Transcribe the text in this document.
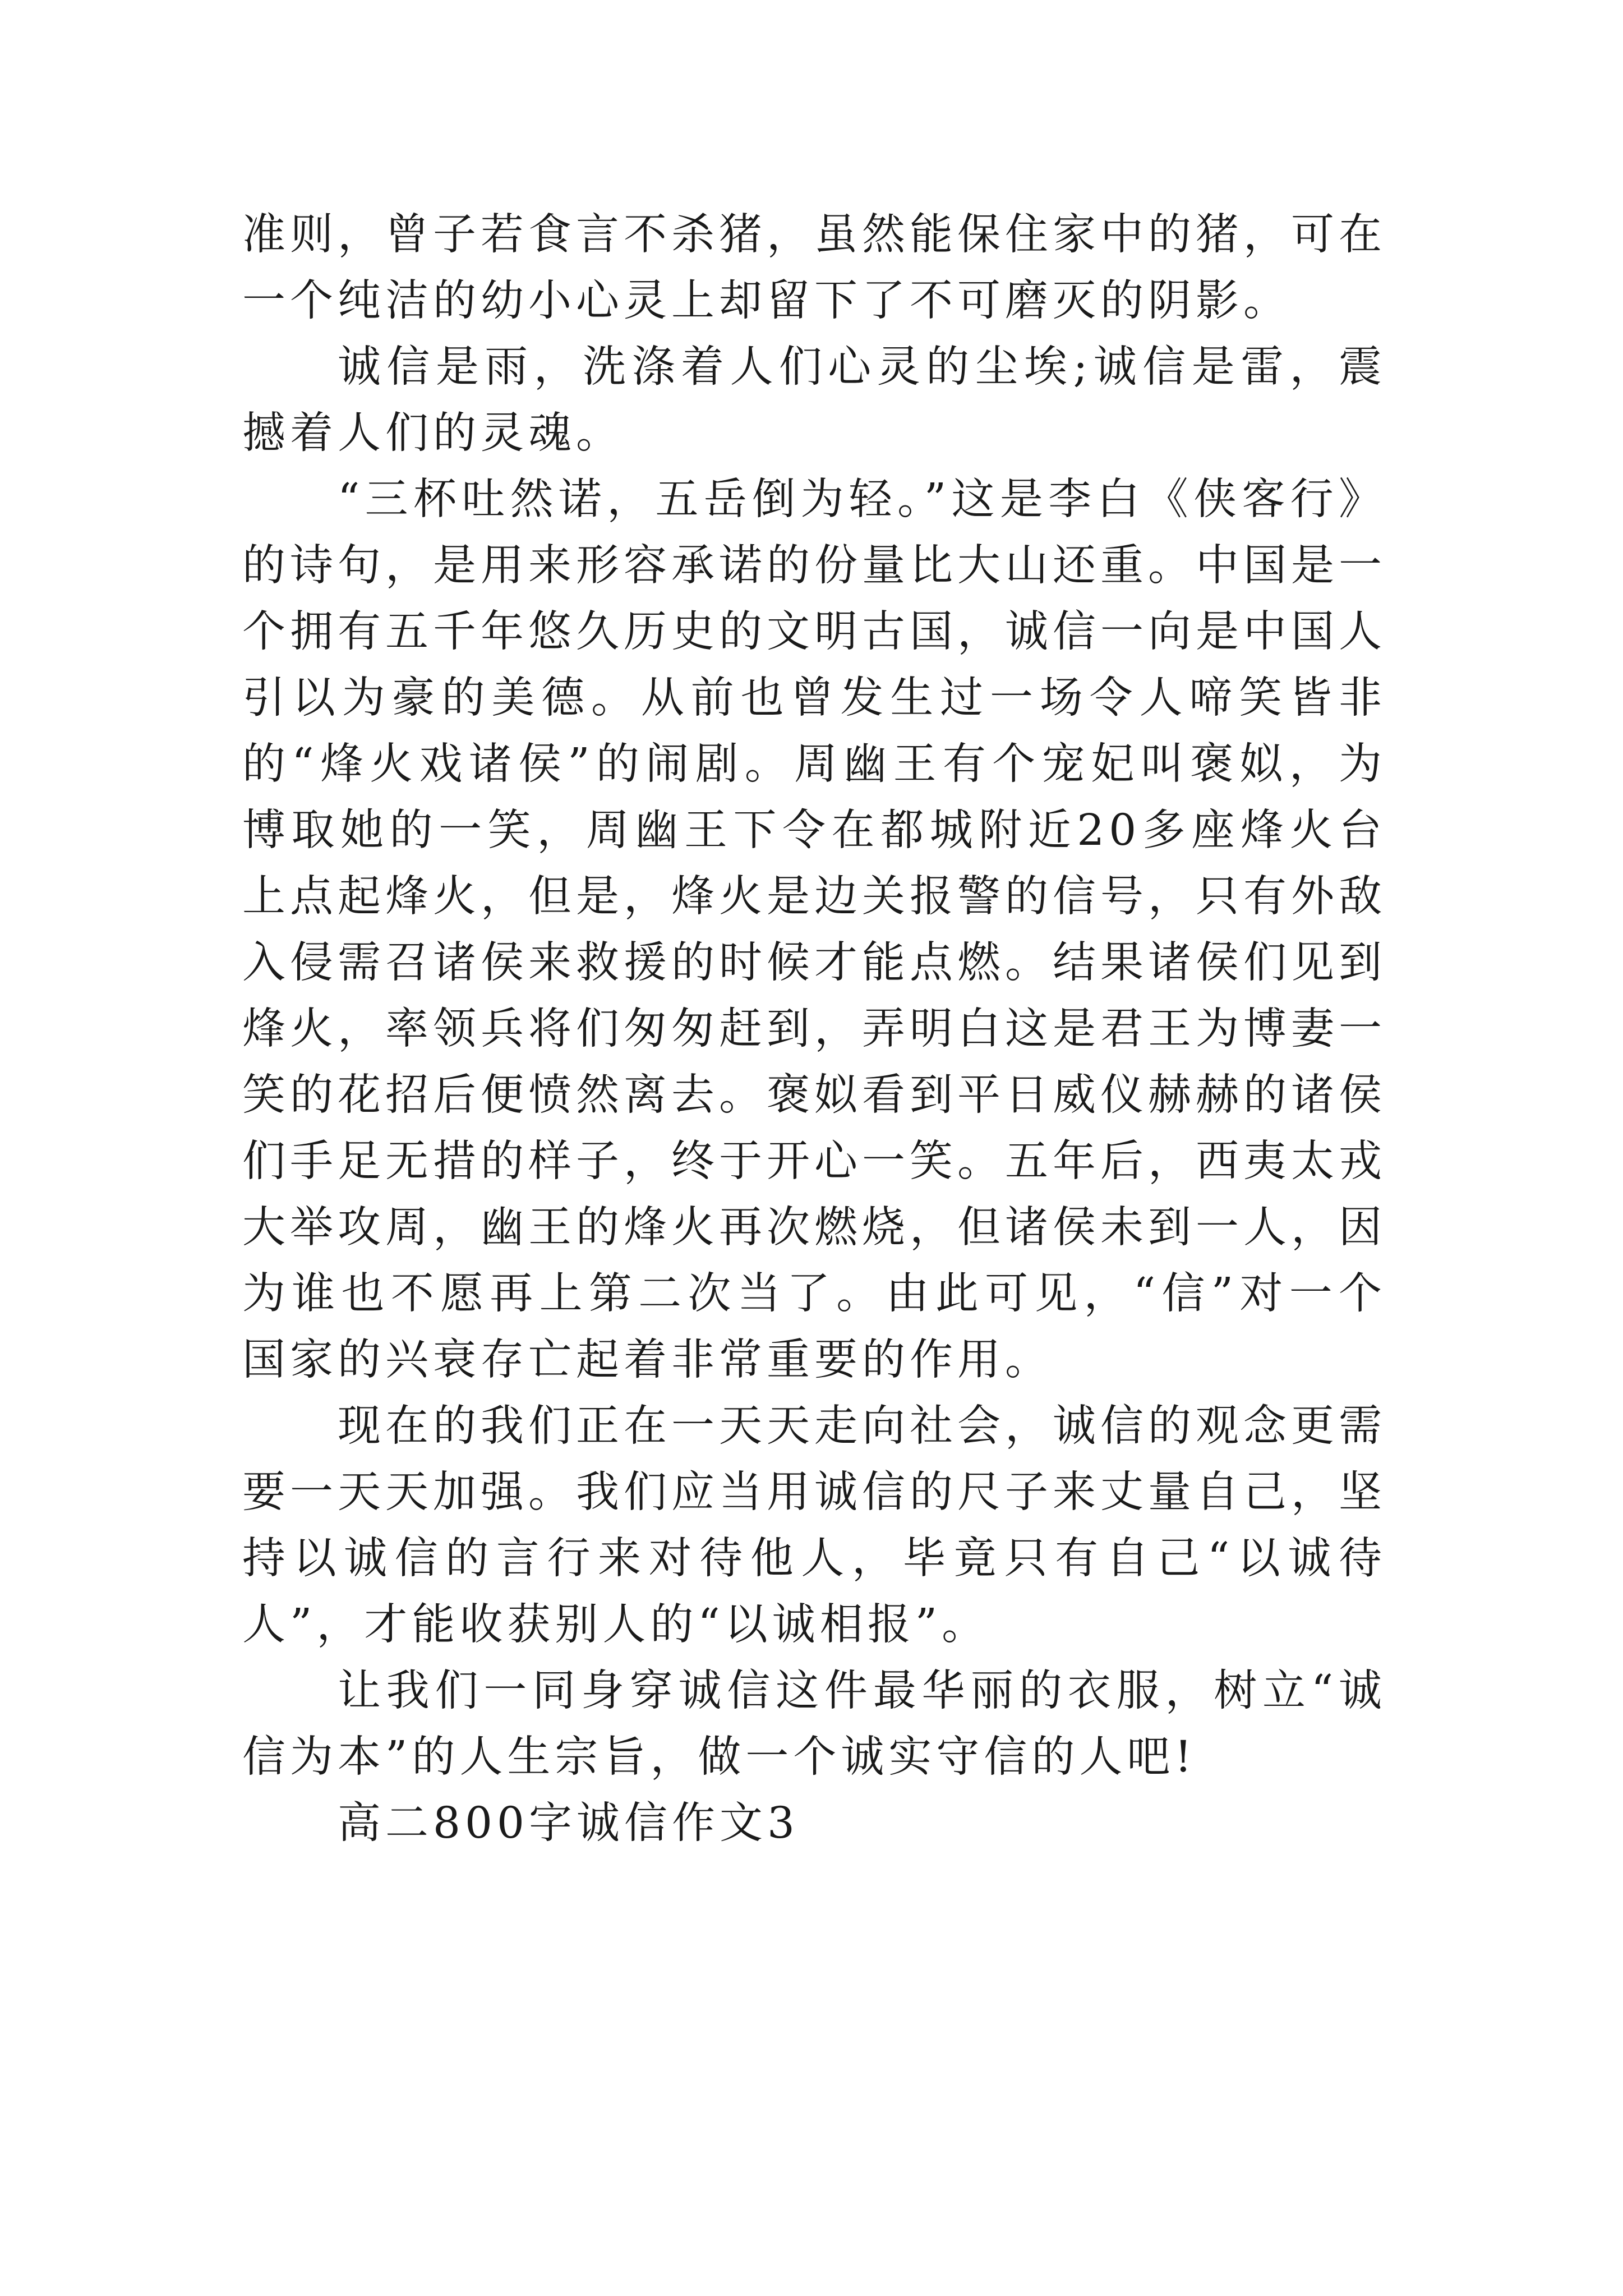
准则，曾子若食言不杀猪，虽然能保住家中的猪，可在一个纯洁的幼小心灵上却留下了不可磨灭的阴影。

诚信是雨，洗涤着人们心灵的尘埃;诚信是雷，震撼着人们的灵魂。

“三杯吐然诺，五岳倒为轻。”这是李白《侠客行》的诗句，是用来形容承诺的份量比大山还重。中国是一个拥有五千年悠久历史的文明古国，诚信一向是中国人引以为豪的美德。从前也曾发生过一场令人啼笑皆非的“烽火戏诸侯”的闹剧。周幽王有个宠妃叫褒姒，为博取她的一笑，周幽王下令在都城附近20多座烽火台上点起烽火，但是，烽火是边关报警的信号，只有外敌入侵需召诸侯来救援的时候才能点燃。结果诸侯们见到烽火，率领兵将们匆匆赶到，弄明白这是君王为博妻一笑的花招后便愤然离去。褒姒看到平日威仪赫赫的诸侯们手足无措的样子，终于开心一笑。五年后，西夷太戎大举攻周，幽王的烽火再次燃烧，但诸侯未到一人，因为谁也不愿再上第二次当了。由此可见，“信”对一个国家的兴衰存亡起着非常重要的作用。

现在的我们正在一天天走向社会，诚信的观念更需要一天天加强。我们应当用诚信的尺子来丈量自己，坚持以诚信的言行来对待他人，毕竟只有自己“以诚待人”，才能收获别人的“以诚相报”。

让我们一同身穿诚信这件最华丽的衣服，树立“诚信为本”的人生宗旨，做一个诚实守信的人吧!

高二800字诚信作文3
